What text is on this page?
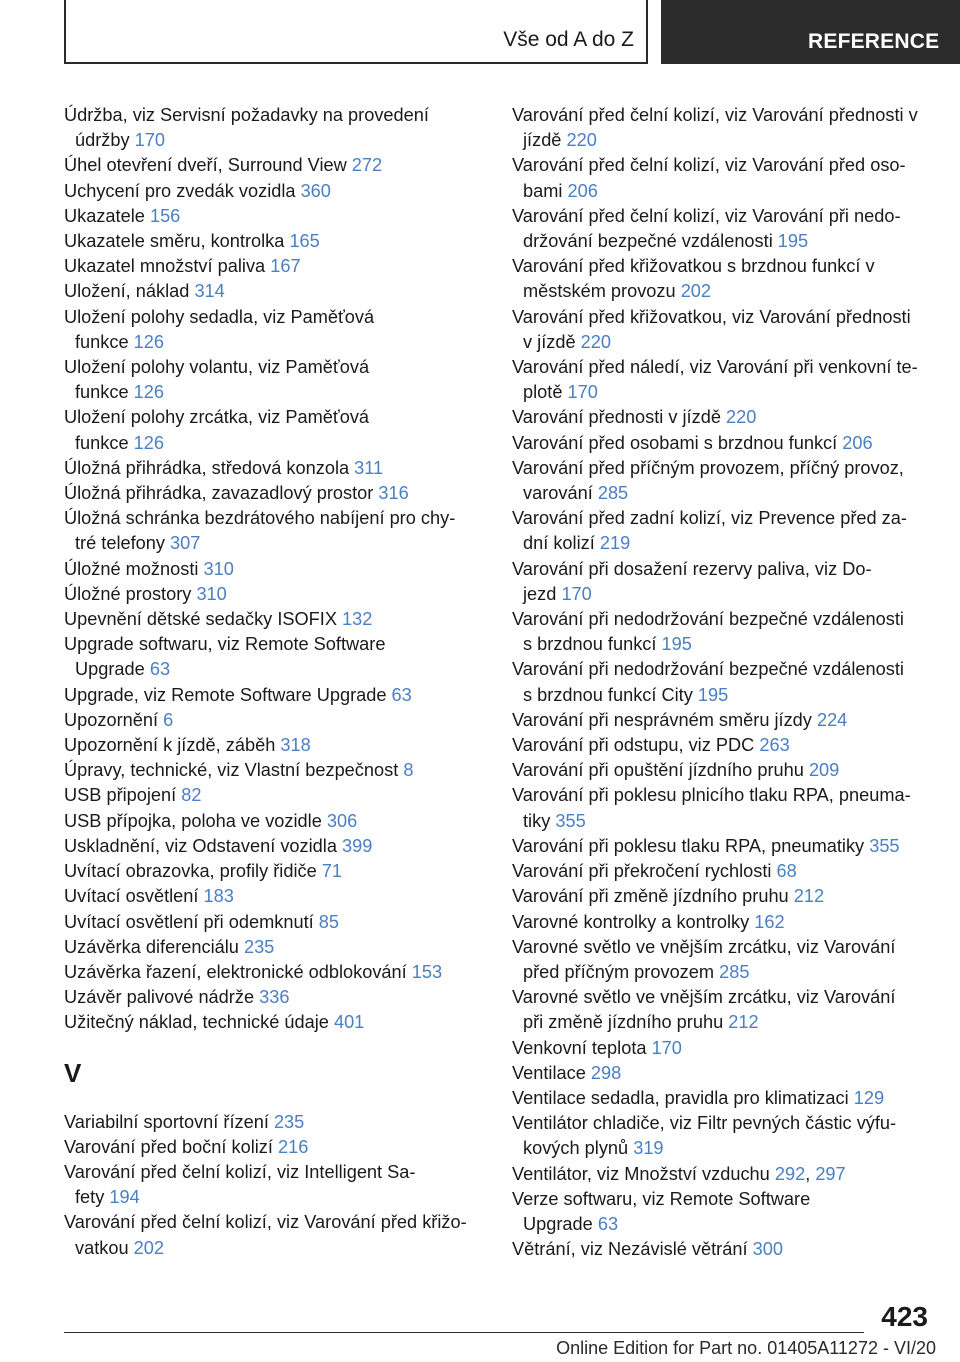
Vše od A do Z	REFERENCE
Údržba, viz Servisní požadavky na provedení
údržby 170
Úhel otevření dveří, Surround View 272
Uchycení pro zvedák vozidla 360
Ukazatele 156
Ukazatele směru, kontrolka 165
Ukazatel množství paliva 167
Uložení, náklad 314
Uložení polohy sedadla, viz Paměťová
funkce 126
Uložení polohy volantu, viz Paměťová
funkce 126
Uložení polohy zrcátka, viz Paměťová
funkce 126
Úložná přihrádka, středová konzola 311
Úložná přihrádka, zavazadlový prostor 316
Úložná schránka bezdrátového nabíjení pro chy-
tré telefony 307
Úložné možnosti 310
Úložné prostory 310
Upevnění dětské sedačky ISOFIX 132
Upgrade softwaru, viz Remote Software
Upgrade 63
Upgrade, viz Remote Software Upgrade 63
Upozornění 6
Upozornění k jízdě, záběh 318
Úpravy, technické, viz Vlastní bezpečnost 8
USB připojení 82
USB přípojka, poloha ve vozidle 306
Uskladnění, viz Odstavení vozidla 399
Uvítací obrazovka, profily řidiče 71
Uvítací osvětlení 183
Uvítací osvětlení při odemknutí 85
Uzávěrka diferenciálu 235
Uzávěrka řazení, elektronické odblokování 153
Uzávěr palivové nádrže 336
Užitečný náklad, technické údaje 401
V
Variabilní sportovní řízení 235
Varování před boční kolizí 216
Varování před čelní kolizí, viz Intelligent Sa-
fety 194
Varování před čelní kolizí, viz Varování před křižo-
vatkou 202
Varování před čelní kolizí, viz Varování přednosti v
jízdě 220
Varování před čelní kolizí, viz Varování před oso-
bami 206
Varování před čelní kolizí, viz Varování při nedo-
držování bezpečné vzdálenosti 195
Varování před křižovatkou s brzdnou funkcí v
městském provozu 202
Varování před křižovatkou, viz Varování přednosti
v jízdě 220
Varování před náledí, viz Varování při venkovní te-
plotě 170
Varování přednosti v jízdě 220
Varování před osobami s brzdnou funkcí 206
Varování před příčným provozem, příčný provoz,
varování 285
Varování před zadní kolizí, viz Prevence před za-
dní kolizí 219
Varování při dosažení rezervy paliva, viz Do-
jezd 170
Varování při nedodržování bezpečné vzdálenosti
s brzdnou funkcí 195
Varování při nedodržování bezpečné vzdálenosti
s brzdnou funkcí City 195
Varování při nesprávném směru jízdy 224
Varování při odstupu, viz PDC 263
Varování při opuštění jízdního pruhu 209
Varování při poklesu plnicího tlaku RPA, pneuma-
tiky 355
Varování při poklesu tlaku RPA, pneumatiky 355
Varování při překročení rychlosti 68
Varování při změně jízdního pruhu 212
Varovné kontrolky a kontrolky 162
Varovné světlo ve vnějším zrcátku, viz Varování
před příčným provozem 285
Varovné světlo ve vnějším zrcátku, viz Varování
při změně jízdního pruhu 212
Venkovní teplota 170
Ventilace 298
Ventilace sedadla, pravidla pro klimatizaci 129
Ventilátor chladiče, viz Filtr pevných částic výfu-
kových plynů 319
Ventilátor, viz Množství vzduchu 292, 297
Verze softwaru, viz Remote Software
Upgrade 63
Větrání, viz Nezávislé větrání 300
423
Online Edition for Part no. 01405A11272 - VI/20
